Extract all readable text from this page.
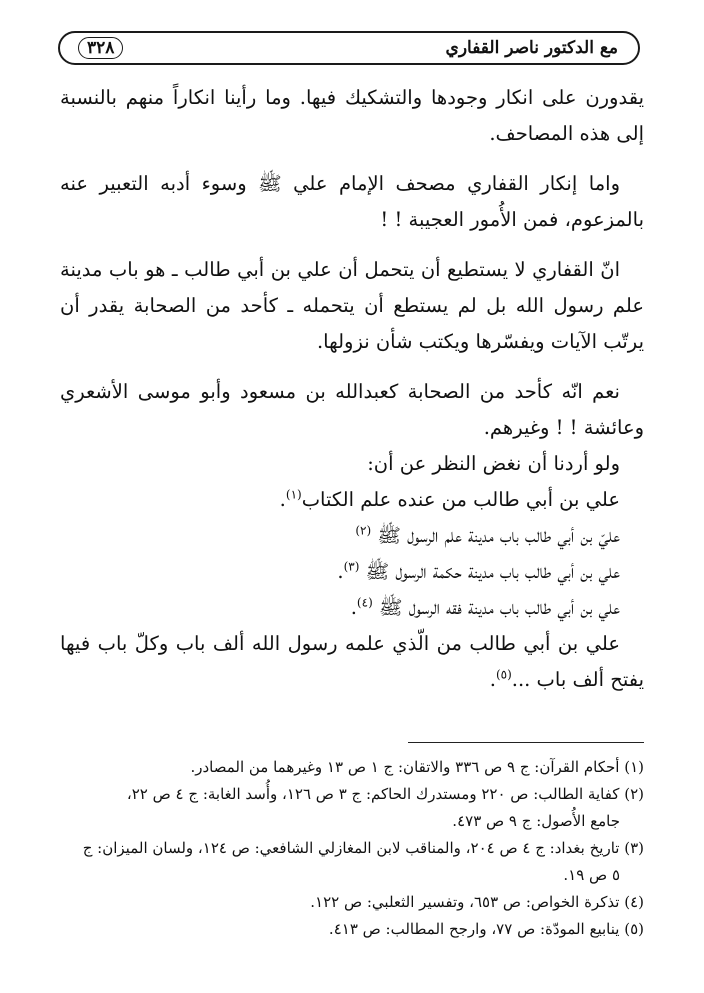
مع الدكتور ناصر القفاري
٣٢٨

يقدورن على انكار وجودها والتشكيك فيها. وما رأينا انكاراً منهم بالنسبة إلى هذه المصاحف.

واما إنكار القفاري مصحف الإمام علي ﷺ وسوء أدبه التعبير عنه بالمزعوم، فمن الأُمور العجيبة ! !

انّ القفاري لا يستطيع أن يتحمل أن علي بن أبي طالب ـ هو باب مدينة علم رسول الله بل لم يستطع أن يتحمله ـ كأحد من الصحابة يقدر أن يرتّب الآيات ويفسّرها ويكتب شأن نزولها.

نعم انّه كأحد من الصحابة كعبدالله بن مسعود وأبو موسى الأشعري وعائشة ! ! وغيرهم.

ولو أردنا أن نغض النظر عن أن:

علي بن أبي طالب من عنده علم الكتاب$^{(١)}$.

عليّ بن أبي طالب باب مدينة علم الرسول ﷺ $^{(٢)}$

علي بن أبي طالب باب مدينة حكمة الرسول ﷺ $^{(٣)}$.

علي بن أبي طالب باب مدينة فقه الرسول ﷺ $^{(٤)}$.

علي بن أبي طالب من الّذي علمه رسول الله ألف باب وكلّ باب فيها يفتح ألف باب ...$^{(٥)}$.

(١) أحكام القرآن: ج ٩ ص ٣٣٦ والاتقان: ج ١ ص ١٣ وغيرهما من المصادر.

(٢) كفاية الطالب: ص ٢٢٠ ومستدرك الحاكم: ج ٣ ص ١٢٦، وأُسد الغابة: ج ٤ ص ٢٢،

جامع الأُصول: ج ٩ ص ٤٧٣.

(٣) تاريخ بغداد: ج ٤ ص ٢٠٤، والمناقب لابن المغازلي الشافعي: ص ١٢٤، ولسان الميزان: ج

٥ ص ١٩.

(٤) تذكرة الخواص: ص ٦٥٣، وتفسير الثعلبي: ص ١٢٢.

(٥) ينابيع المودّة: ص ٧٧، وارجح المطالب: ص ٤١٣.
